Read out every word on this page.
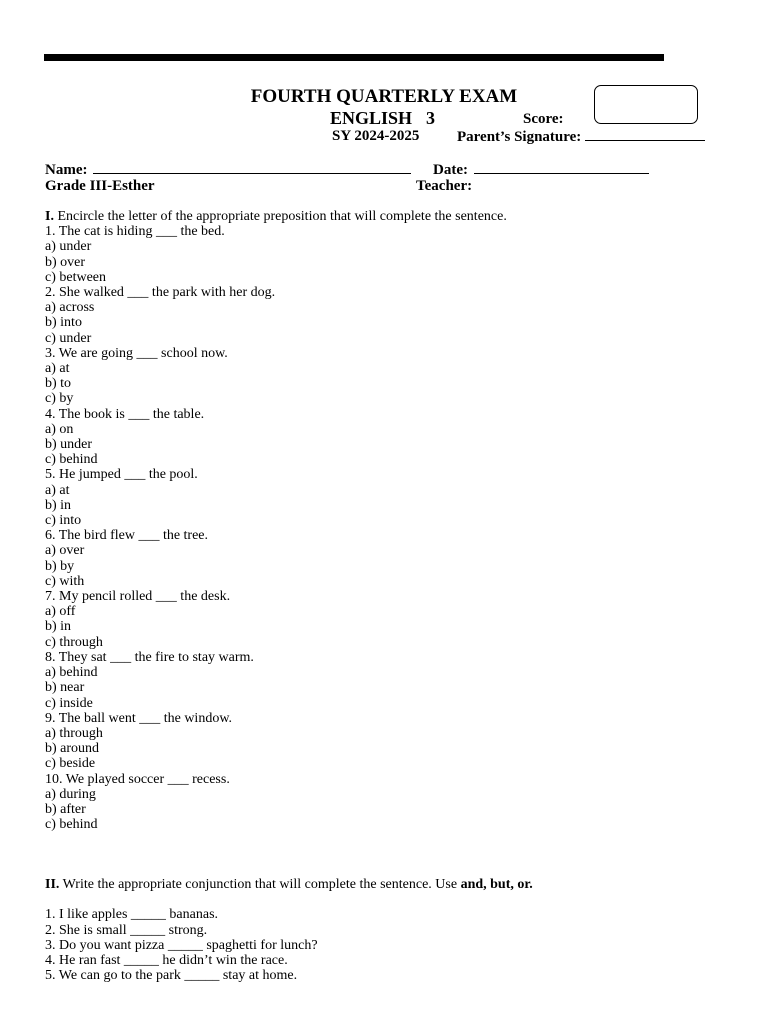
FOURTH QUARTERLY EXAM
ENGLISH 3	Score:
SY 2024-2025	Parent’s Signature:
Name:	Date:
Grade III-Esther	Teacher:
I. Encircle the letter of the appropriate preposition that will complete the sentence.
1. The cat is hiding ___ the bed.
a) under
b) over
c) between
2. She walked ___ the park with her dog.
a) across
b) into
c) under
3. We are going ___ school now.
a) at
b) to
c) by
4. The book is ___ the table.
a) on
b) under
c) behind
5. He jumped ___ the pool.
a) at
b) in
c) into
6. The bird flew ___ the tree.
a) over
b) by
c) with
7. My pencil rolled ___ the desk.
a) off
b) in
c) through
8. They sat ___ the fire to stay warm.
a) behind
b) near
c) inside
9. The ball went ___ the window.
a) through
b) around
c) beside
10. We played soccer ___ recess.
a) during
b) after
c) behind
II. Write the appropriate conjunction that will complete the sentence. Use and, but, or.
1. I like apples _____ bananas.
2. She is small _____ strong.
3. Do you want pizza _____ spaghetti for lunch?
4. He ran fast _____ he didn’t win the race.
5. We can go to the park _____ stay at home.
